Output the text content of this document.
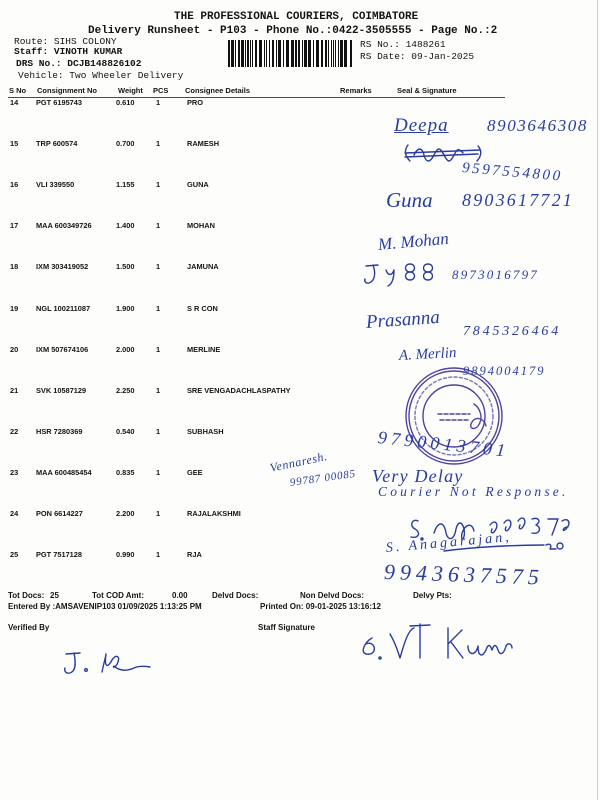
THE PROFESSIONAL COURIERS, COIMBATORE
Delivery Runsheet - P103 - Phone No.:0422-3505555 - Page No.:2
Route: SIHS COLONY
Staff: VINOTH KUMAR
DRS No.: DCJB148826102
Vehicle: Two Wheeler Delivery
RS No.: 1488261
RS Date: 09-Jan-2025
S No Consignment No	Weight PCS Consignee Details	Remarks	Seal & Signature
14 PGT 6195743	0.610	1	PRO
15 TRP 600574	0.700	1	RAMESH
16 VLI 339550	1.155	1	GUNA
17 MAA 600349726	1.400	1	MOHAN
18 IXM 303419052	1.500	1	JAMUNA
19 NGL 100211087	1.900	1	S R CON
20 IXM 507674106	2.000	1	MERLINE
21 SVK 10587129	2.250	1	SRE VENGADACHLASPATHY
22 HSR 7280369	0.540	1	SUBHASH
23 MAA 600485454	0.835	1	GEE
24 PON 6614227	2.200	1	RAJALAKSHMI
25 PGT 7517128	0.990	1	RJA
Deepa 8903646308
9597554800
Guna 8903617721
M. Mohan
8973016797
Prasanna 7845326464
A. Merlin
9894004179
9790013701
Vennaresh.
99787 00085 Very Delay
Courier Not Response.
S. Anagarajan,
9943637575
Tot Docs: 25	Tot COD Amt:	0.00	Delvd Docs:	Non Delvd Docs:	Delvy Pts:
Entered By :AMSAVENIP103 01/09/2025 1:13:25 PM	Printed On: 09-01-2025 13:16:12
Verified By	Staff Signature
